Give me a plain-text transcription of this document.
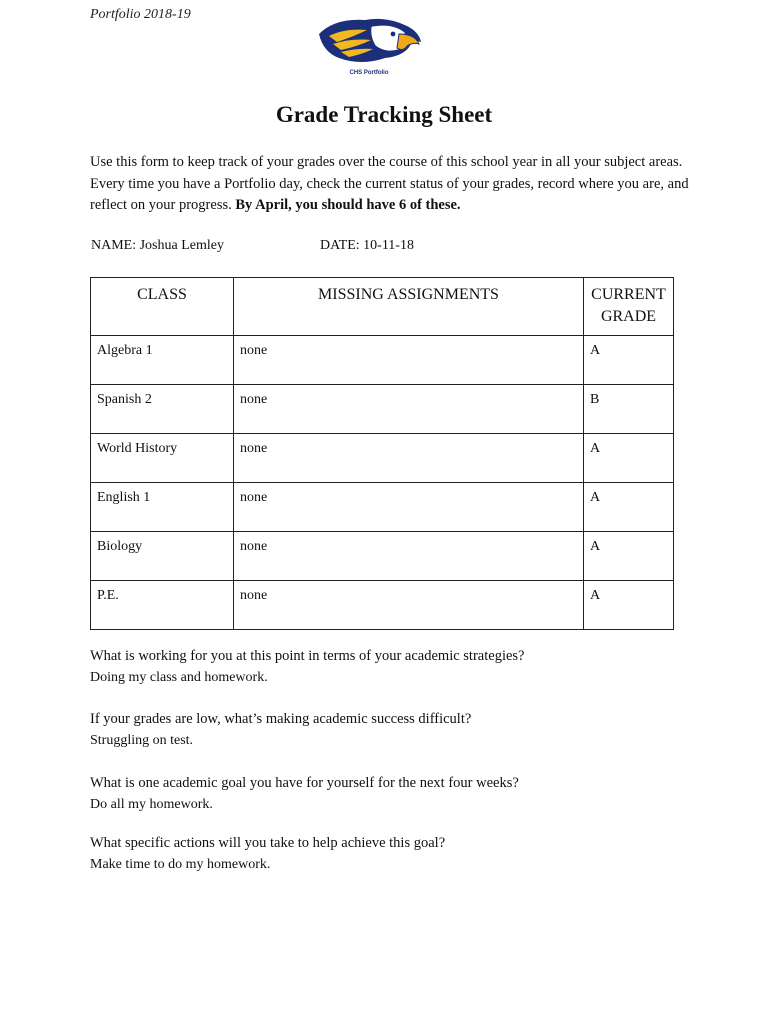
Portfolio 2018-19
CHS Portfolio
Grade Tracking Sheet
Use this form to keep track of your grades over the course of this school year in all your subject areas. Every time you have a Portfolio day, check the current status of your grades, record where you are, and reflect on your progress. By April, you should have 6 of these.
NAME: Joshua Lemley	DATE: 10-11-18
CLASS	MISSING ASSIGNMENTS	CURRENT GRADE
Algebra 1	none	A
Spanish 2	none	B
World History	none	A
English 1	none	A
Biology	none	A
P.E.	none	A
What is working for you at this point in terms of your academic strategies?
Doing my class and homework.
If your grades are low, what’s making academic success difficult?
Struggling on test.
What is one academic goal you have for yourself for the next four weeks?
Do all my homework.
What specific actions will you take to help achieve this goal?
Make time to do my homework.
